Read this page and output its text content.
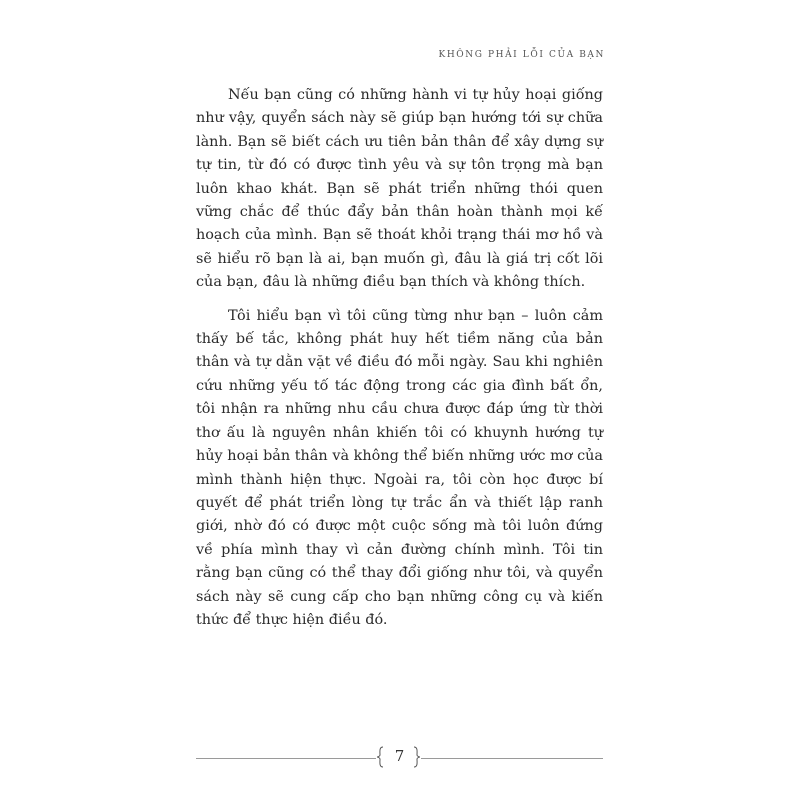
KHÔNG PHẢI LỖI CỦA BẠN

Nếu bạn cũng có những hành vi tự hủy hoại giống như vậy, quyển sách này sẽ giúp bạn hướng tới sự chữa lành. Bạn sẽ biết cách ưu tiên bản thân để xây dựng sự tự tin, từ đó có được tình yêu và sự tôn trọng mà bạn luôn khao khát. Bạn sẽ phát triển những thói quen vững chắc để thúc đẩy bản thân hoàn thành mọi kế hoạch của mình. Bạn sẽ thoát khỏi trạng thái mơ hồ và sẽ hiểu rõ bạn là ai, bạn muốn gì, đâu là giá trị cốt lõi của bạn, đâu là những điều bạn thích và không thích.

Tôi hiểu bạn vì tôi cũng từng như bạn – luôn cảm thấy bế tắc, không phát huy hết tiềm năng của bản thân và tự dằn vặt về điều đó mỗi ngày. Sau khi nghiên cứu những yếu tố tác động trong các gia đình bất ổn, tôi nhận ra những nhu cầu chưa được đáp ứng từ thời thơ ấu là nguyên nhân khiến tôi có khuynh hướng tự hủy hoại bản thân và không thể biến những ước mơ của mình thành hiện thực. Ngoài ra, tôi còn học được bí quyết để phát triển lòng tự trắc ẩn và thiết lập ranh giới, nhờ đó có được một cuộc sống mà tôi luôn đứng về phía mình thay vì cản đường chính mình. Tôi tin rằng bạn cũng có thể thay đổi giống như tôi, và quyển sách này sẽ cung cấp cho bạn những công cụ và kiến thức để thực hiện điều đó.

7
